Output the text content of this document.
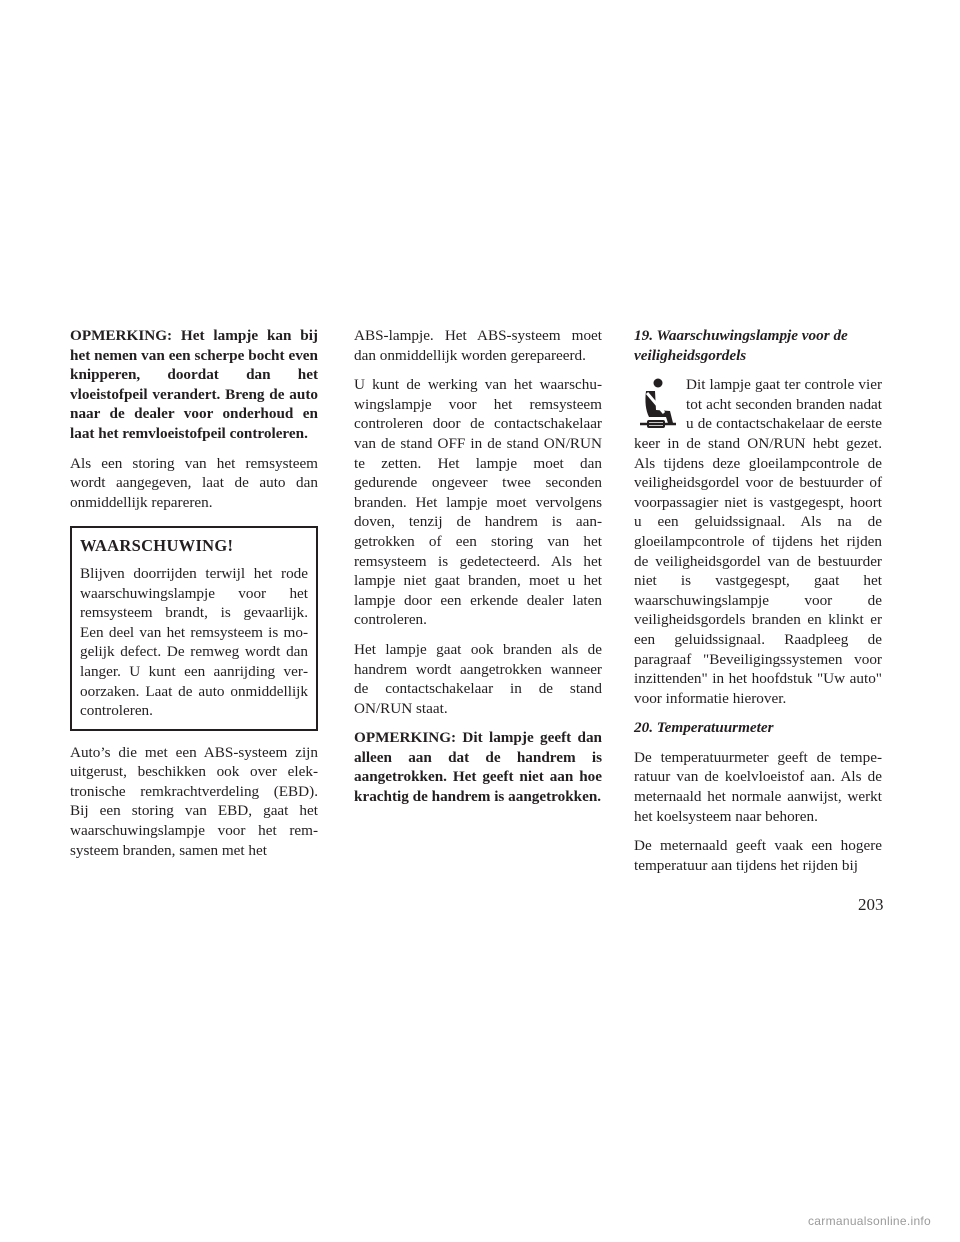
OPMERKING: Het lampje kan bij het nemen van een scherpe bocht even knipperen, doordat dan het vloeistofpeil verandert. Breng de auto naar de dealer voor onderhoud en laat het remvloeistofpeil controleren.

Als een storing van het remsysteem wordt aangegeven, laat de auto dan onmiddellijk repareren.

WAARSCHUWING!

Blijven doorrijden terwijl het rode waarschuwingslampje voor het remsysteem brandt, is gevaarlijk. Een deel van het remsysteem is mogelijk defect. De remweg wordt dan langer. U kunt een aanrijding veroorzaken. Laat de auto onmiddellijk controleren.

Auto’s die met een ABS-systeem zijn uitgerust, beschikken ook over elektronische remkrachtverdeling (EBD). Bij een storing van EBD, gaat het waarschuwingslampje voor het remsysteem branden, samen met het

ABS-lampje. Het ABS-systeem moet dan onmiddellijk worden gerepareerd.

U kunt de werking van het waarschuwingslampje voor het remsysteem controleren door de contactschakelaar van de stand OFF in de stand ON/RUN te zetten. Het lampje moet dan gedurende ongeveer twee seconden branden. Het lampje moet vervolgens doven, tenzij de handrem is aangetrokken of een storing van het remsysteem is gedetecteerd. Als het lampje niet gaat branden, moet u het lampje door een erkende dealer laten controleren.

Het lampje gaat ook branden als de handrem wordt aangetrokken wanneer de contactschakelaar in de stand ON/RUN staat.

OPMERKING: Dit lampje geeft dan alleen aan dat de handrem is aangetrokken. Het geeft niet aan hoe krachtig de handrem is aangetrokken.

19. Waarschuwingslampje voor de veiligheidsgordels

Dit lampje gaat ter controle vier tot acht seconden branden nadat u de contactschakelaar de eerste keer in de stand ON/RUN hebt gezet. Als tijdens deze gloeilampcontrole de veiligheidsgordel voor de bestuurder of voorpassagier niet is vastgegespt, hoort u een geluidssignaal. Als na de gloeilampcontrole of tijdens het rijden de veiligheidsgordel van de bestuurder niet is vastgegespt, gaat het waarschuwingslampje voor de veiligheidsgordels branden en klinkt er een geluidssignaal. Raadpleeg de paragraaf "Beveiligingssystemen voor inzittenden" in het hoofdstuk "Uw auto" voor informatie hierover.

20. Temperatuurmeter

De temperatuurmeter geeft de temperatuur van de koelvloeistof aan. Als de meternaald het normale aanwijst, werkt het koelsysteem naar behoren.

De meternaald geeft vaak een hogere temperatuur aan tijdens het rijden bij

203
carmanualsonline.info
